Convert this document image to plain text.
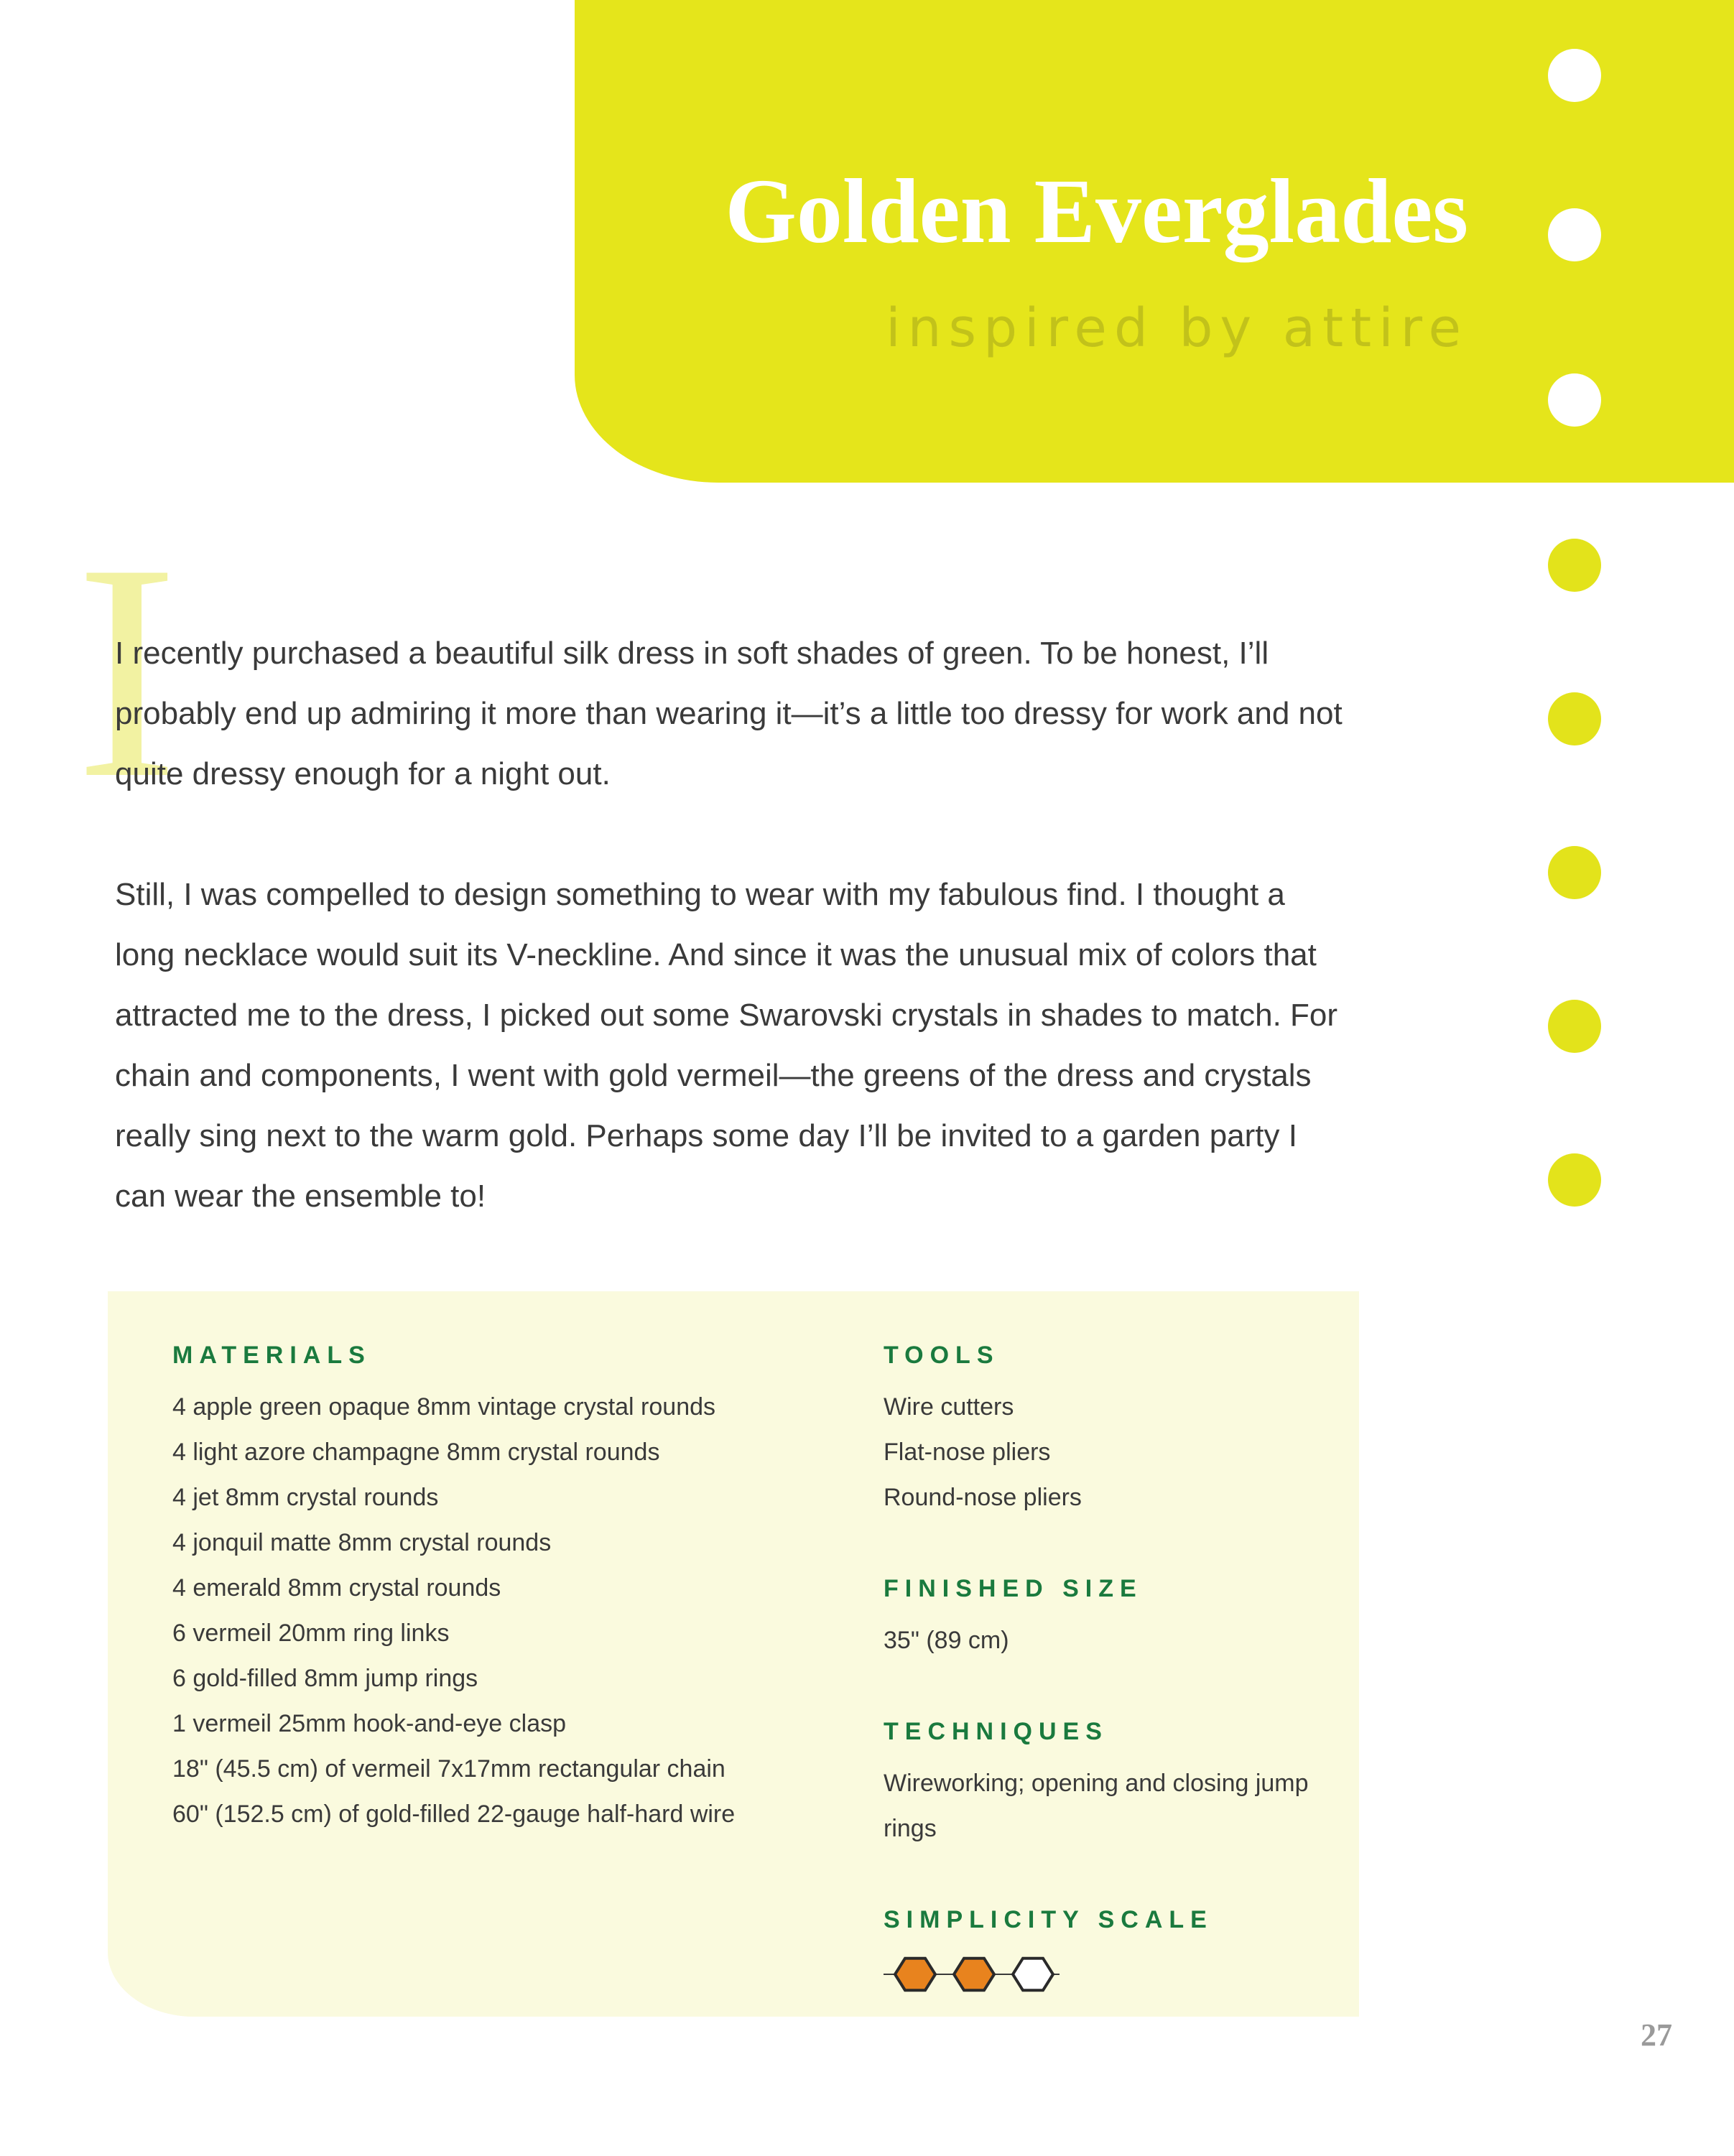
Golden Everglades
inspired by attire
I

I recently purchased a beautiful silk dress in soft shades of green. To be honest, I’ll probably end up admiring it more than wearing it—it’s a little too dressy for work and not quite dressy enough for a night out.

Still, I was compelled to design something to wear with my fabulous find. I thought a long necklace would suit its V-neckline. And since it was the unusual mix of colors that attracted me to the dress, I picked out some Swarovski crystals in shades to match. For chain and components, I went with gold vermeil—the greens of the dress and crystals really sing next to the warm gold. Perhaps some day I’ll be invited to a garden party I can wear the ensemble to!

MATERIALS
4 apple green opaque 8mm vintage crystal rounds
4 light azore champagne 8mm crystal rounds
4 jet 8mm crystal rounds
4 jonquil matte 8mm crystal rounds
4 emerald 8mm crystal rounds
6 vermeil 20mm ring links
6 gold-filled 8mm jump rings
1 vermeil 25mm hook-and-eye clasp
18" (45.5 cm) of vermeil 7x17mm rectangular chain
60" (152.5 cm) of gold-filled 22-gauge half-hard wire
TOOLS
Wire cutters
Flat-nose pliers
Round-nose pliers
FINISHED SIZE
35" (89 cm)
TECHNIQUES
Wireworking; opening and closing jump rings
SIMPLICITY SCALE
27
